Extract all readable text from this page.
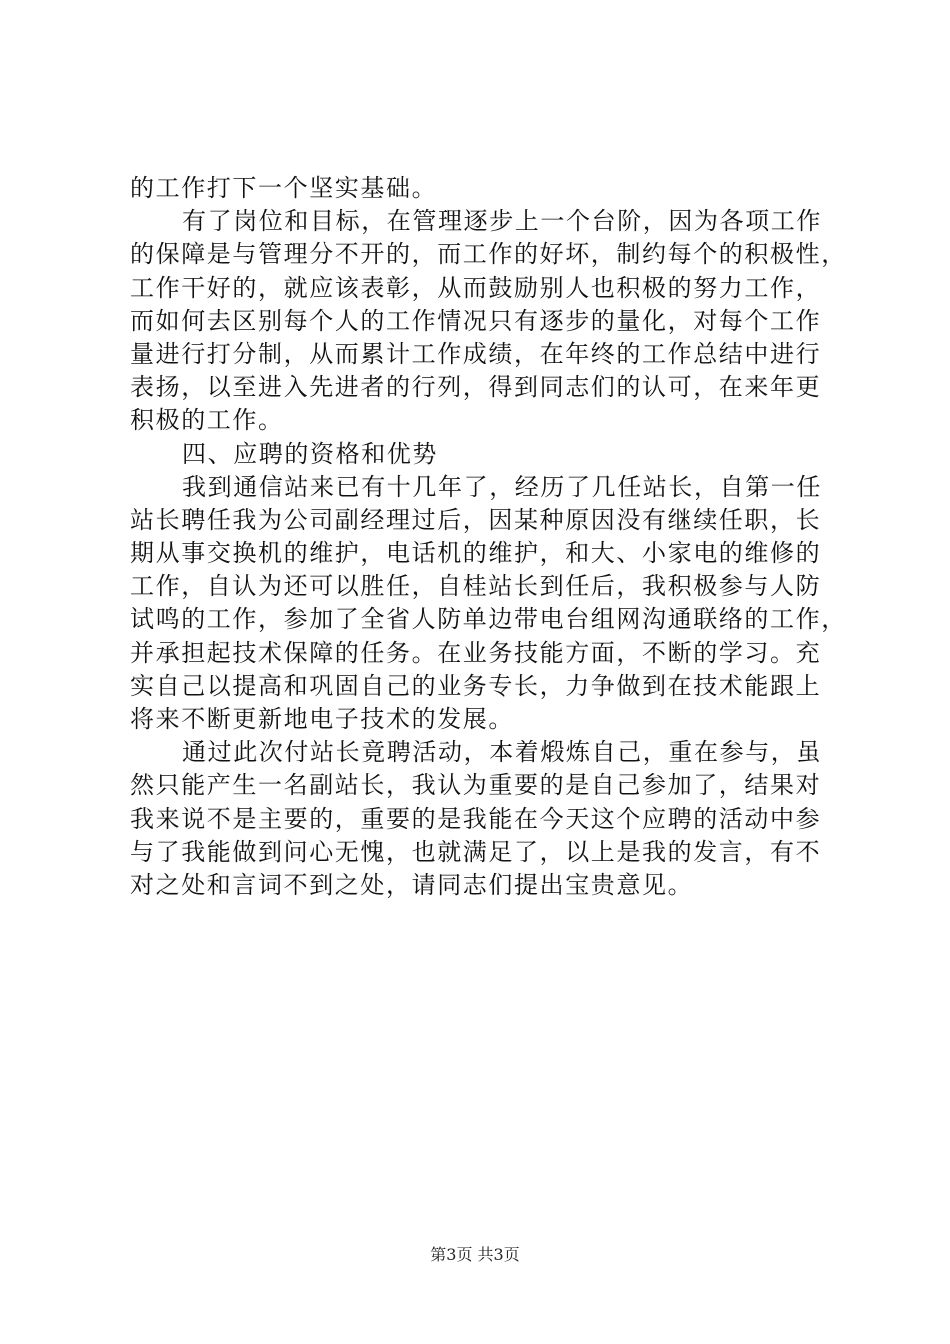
的工作打下一个坚实基础。
有了岗位和目标，在管理逐步上一个台阶，因为各项工作
的保障是与管理分不开的，而工作的好坏，制约每个的积极性，
工作干好的，就应该表彰，从而鼓励别人也积极的努力工作，
而如何去区别每个人的工作情况只有逐步的量化，对每个工作
量进行打分制，从而累计工作成绩，在年终的工作总结中进行
表扬，以至进入先进者的行列，得到同志们的认可，在来年更
积极的工作。
四、应聘的资格和优势
我到通信站来已有十几年了，经历了几任站长，自第一任
站长聘任我为公司副经理过后，因某种原因没有继续任职，长
期从事交换机的维护，电话机的维护，和大、小家电的维修的
工作，自认为还可以胜任，自桂站长到任后，我积极参与人防
试鸣的工作，参加了全省人防单边带电台组网沟通联络的工作，
并承担起技术保障的任务。在业务技能方面，不断的学习。充
实自己以提高和巩固自己的业务专长，力争做到在技术能跟上
将来不断更新地电子技术的发展。
通过此次付站长竟聘活动，本着煅炼自己，重在参与，虽
然只能产生一名副站长，我认为重要的是自己参加了，结果对
我来说不是主要的，重要的是我能在今天这个应聘的活动中参
与了我能做到问心无愧，也就满足了，以上是我的发言，有不
对之处和言词不到之处，请同志们提出宝贵意见。
第3页 共3页
